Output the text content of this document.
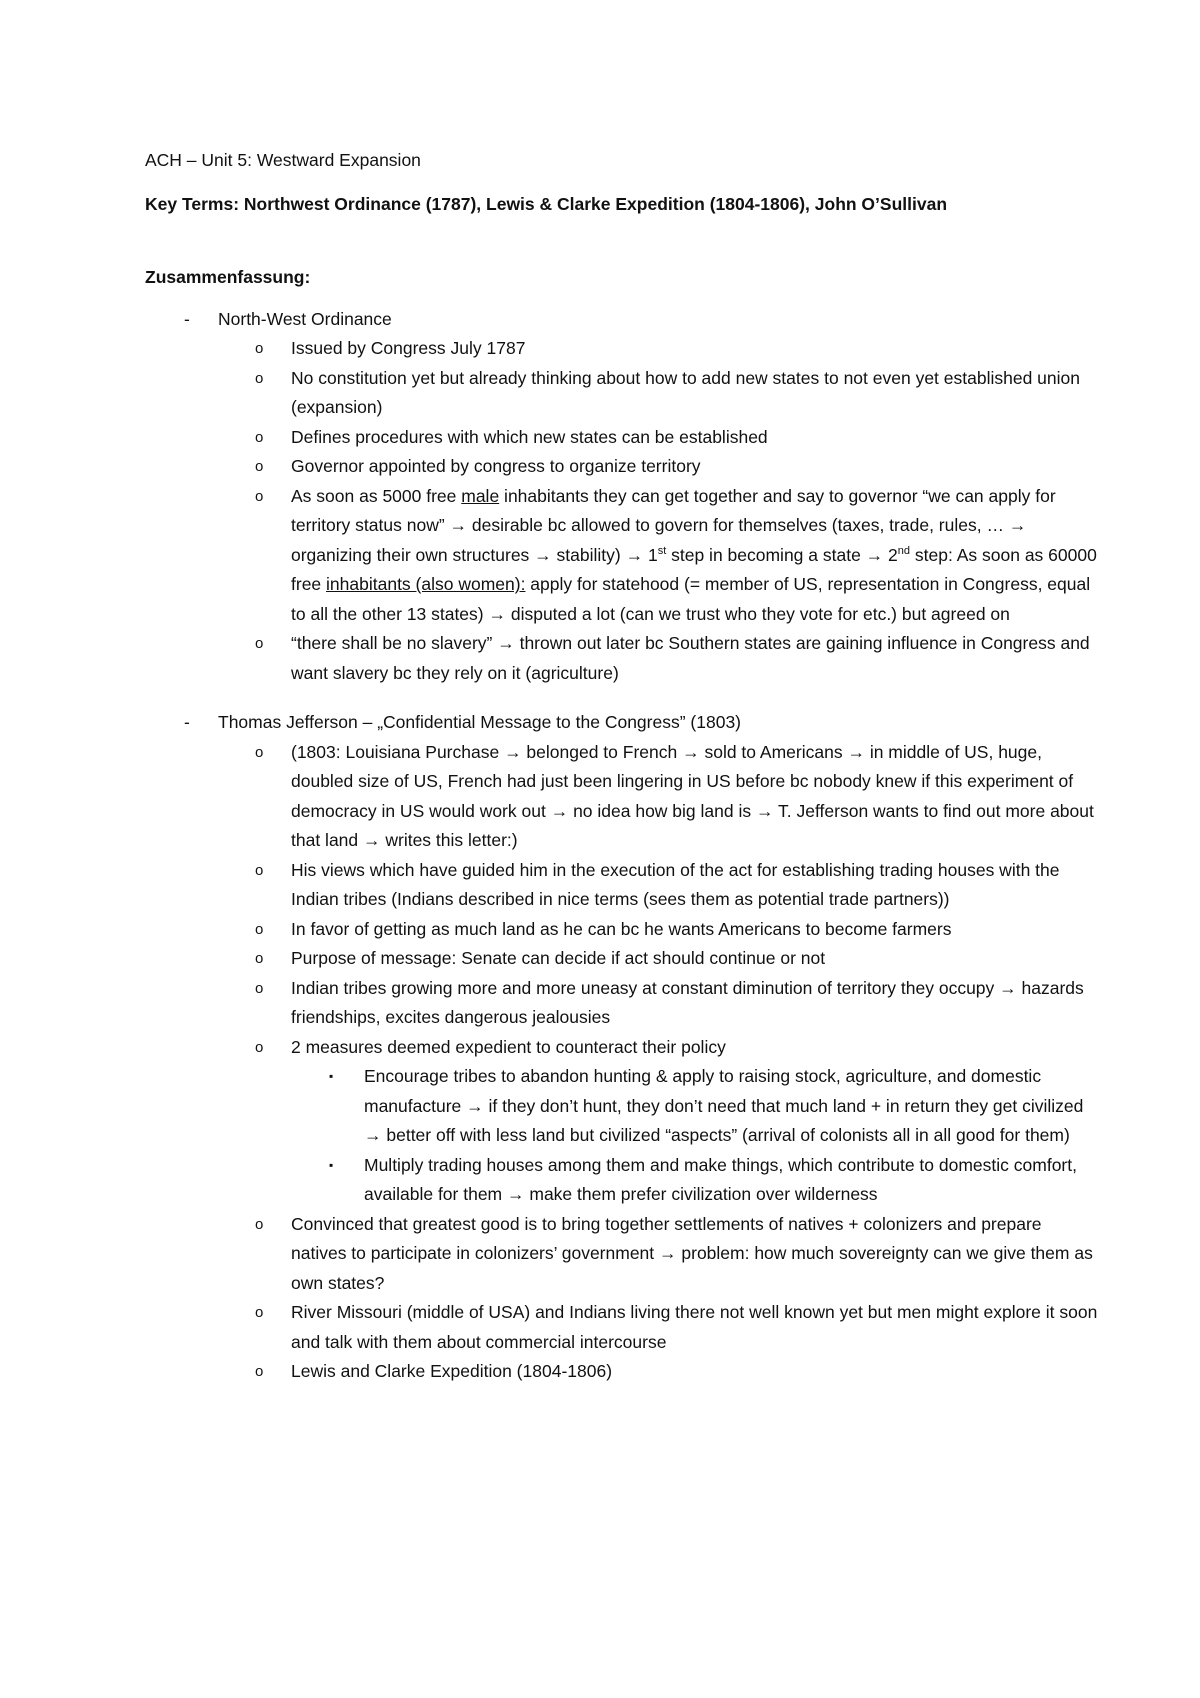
ACH – Unit 5: Westward Expansion

Key Terms: Northwest Ordinance (1787), Lewis & Clarke Expedition (1804-1806), John O’Sullivan

Zusammenfassung:

- North-West Ordinance
o Issued by Congress July 1787
o No constitution yet but already thinking about how to add new states to not even yet established union (expansion)
o Defines procedures with which new states can be established
o Governor appointed by congress to organize territory
o As soon as 5000 free male inhabitants they can get together and say to governor “we can apply for territory status now” → desirable bc allowed to govern for themselves (taxes, trade, rules, … → organizing their own structures → stability) → 1st step in becoming a state → 2nd step: As soon as 60000 free inhabitants (also women): apply for statehood (= member of US, representation in Congress, equal to all the other 13 states) → disputed a lot (can we trust who they vote for etc.) but agreed on
o “there shall be no slavery” → thrown out later bc Southern states are gaining influence in Congress and want slavery bc they rely on it (agriculture)
- Thomas Jefferson – „Confidential Message to the Congress” (1803)
o (1803: Louisiana Purchase → belonged to French → sold to Americans → in middle of US, huge, doubled size of US, French had just been lingering in US before bc nobody knew if this experiment of democracy in US would work out → no idea how big land is → T. Jefferson wants to find out more about that land → writes this letter:)
o His views which have guided him in the execution of the act for establishing trading houses with the Indian tribes (Indians described in nice terms (sees them as potential trade partners))
o In favor of getting as much land as he can bc he wants Americans to become farmers
o Purpose of message: Senate can decide if act should continue or not
o Indian tribes growing more and more uneasy at constant diminution of territory they occupy → hazards friendships, excites dangerous jealousies
o 2 measures deemed expedient to counteract their policy
▪ Encourage tribes to abandon hunting & apply to raising stock, agriculture, and domestic manufacture → if they don’t hunt, they don’t need that much land + in return they get civilized → better off with less land but civilized “aspects” (arrival of colonists all in all good for them)
▪ Multiply trading houses among them and make things, which contribute to domestic comfort, available for them → make them prefer civilization over wilderness
o Convinced that greatest good is to bring together settlements of natives + colonizers and prepare natives to participate in colonizers’ government → problem: how much sovereignty can we give them as own states?
o River Missouri (middle of USA) and Indians living there not well known yet but men might explore it soon and talk with them about commercial intercourse
o Lewis and Clarke Expedition (1804-1806)
